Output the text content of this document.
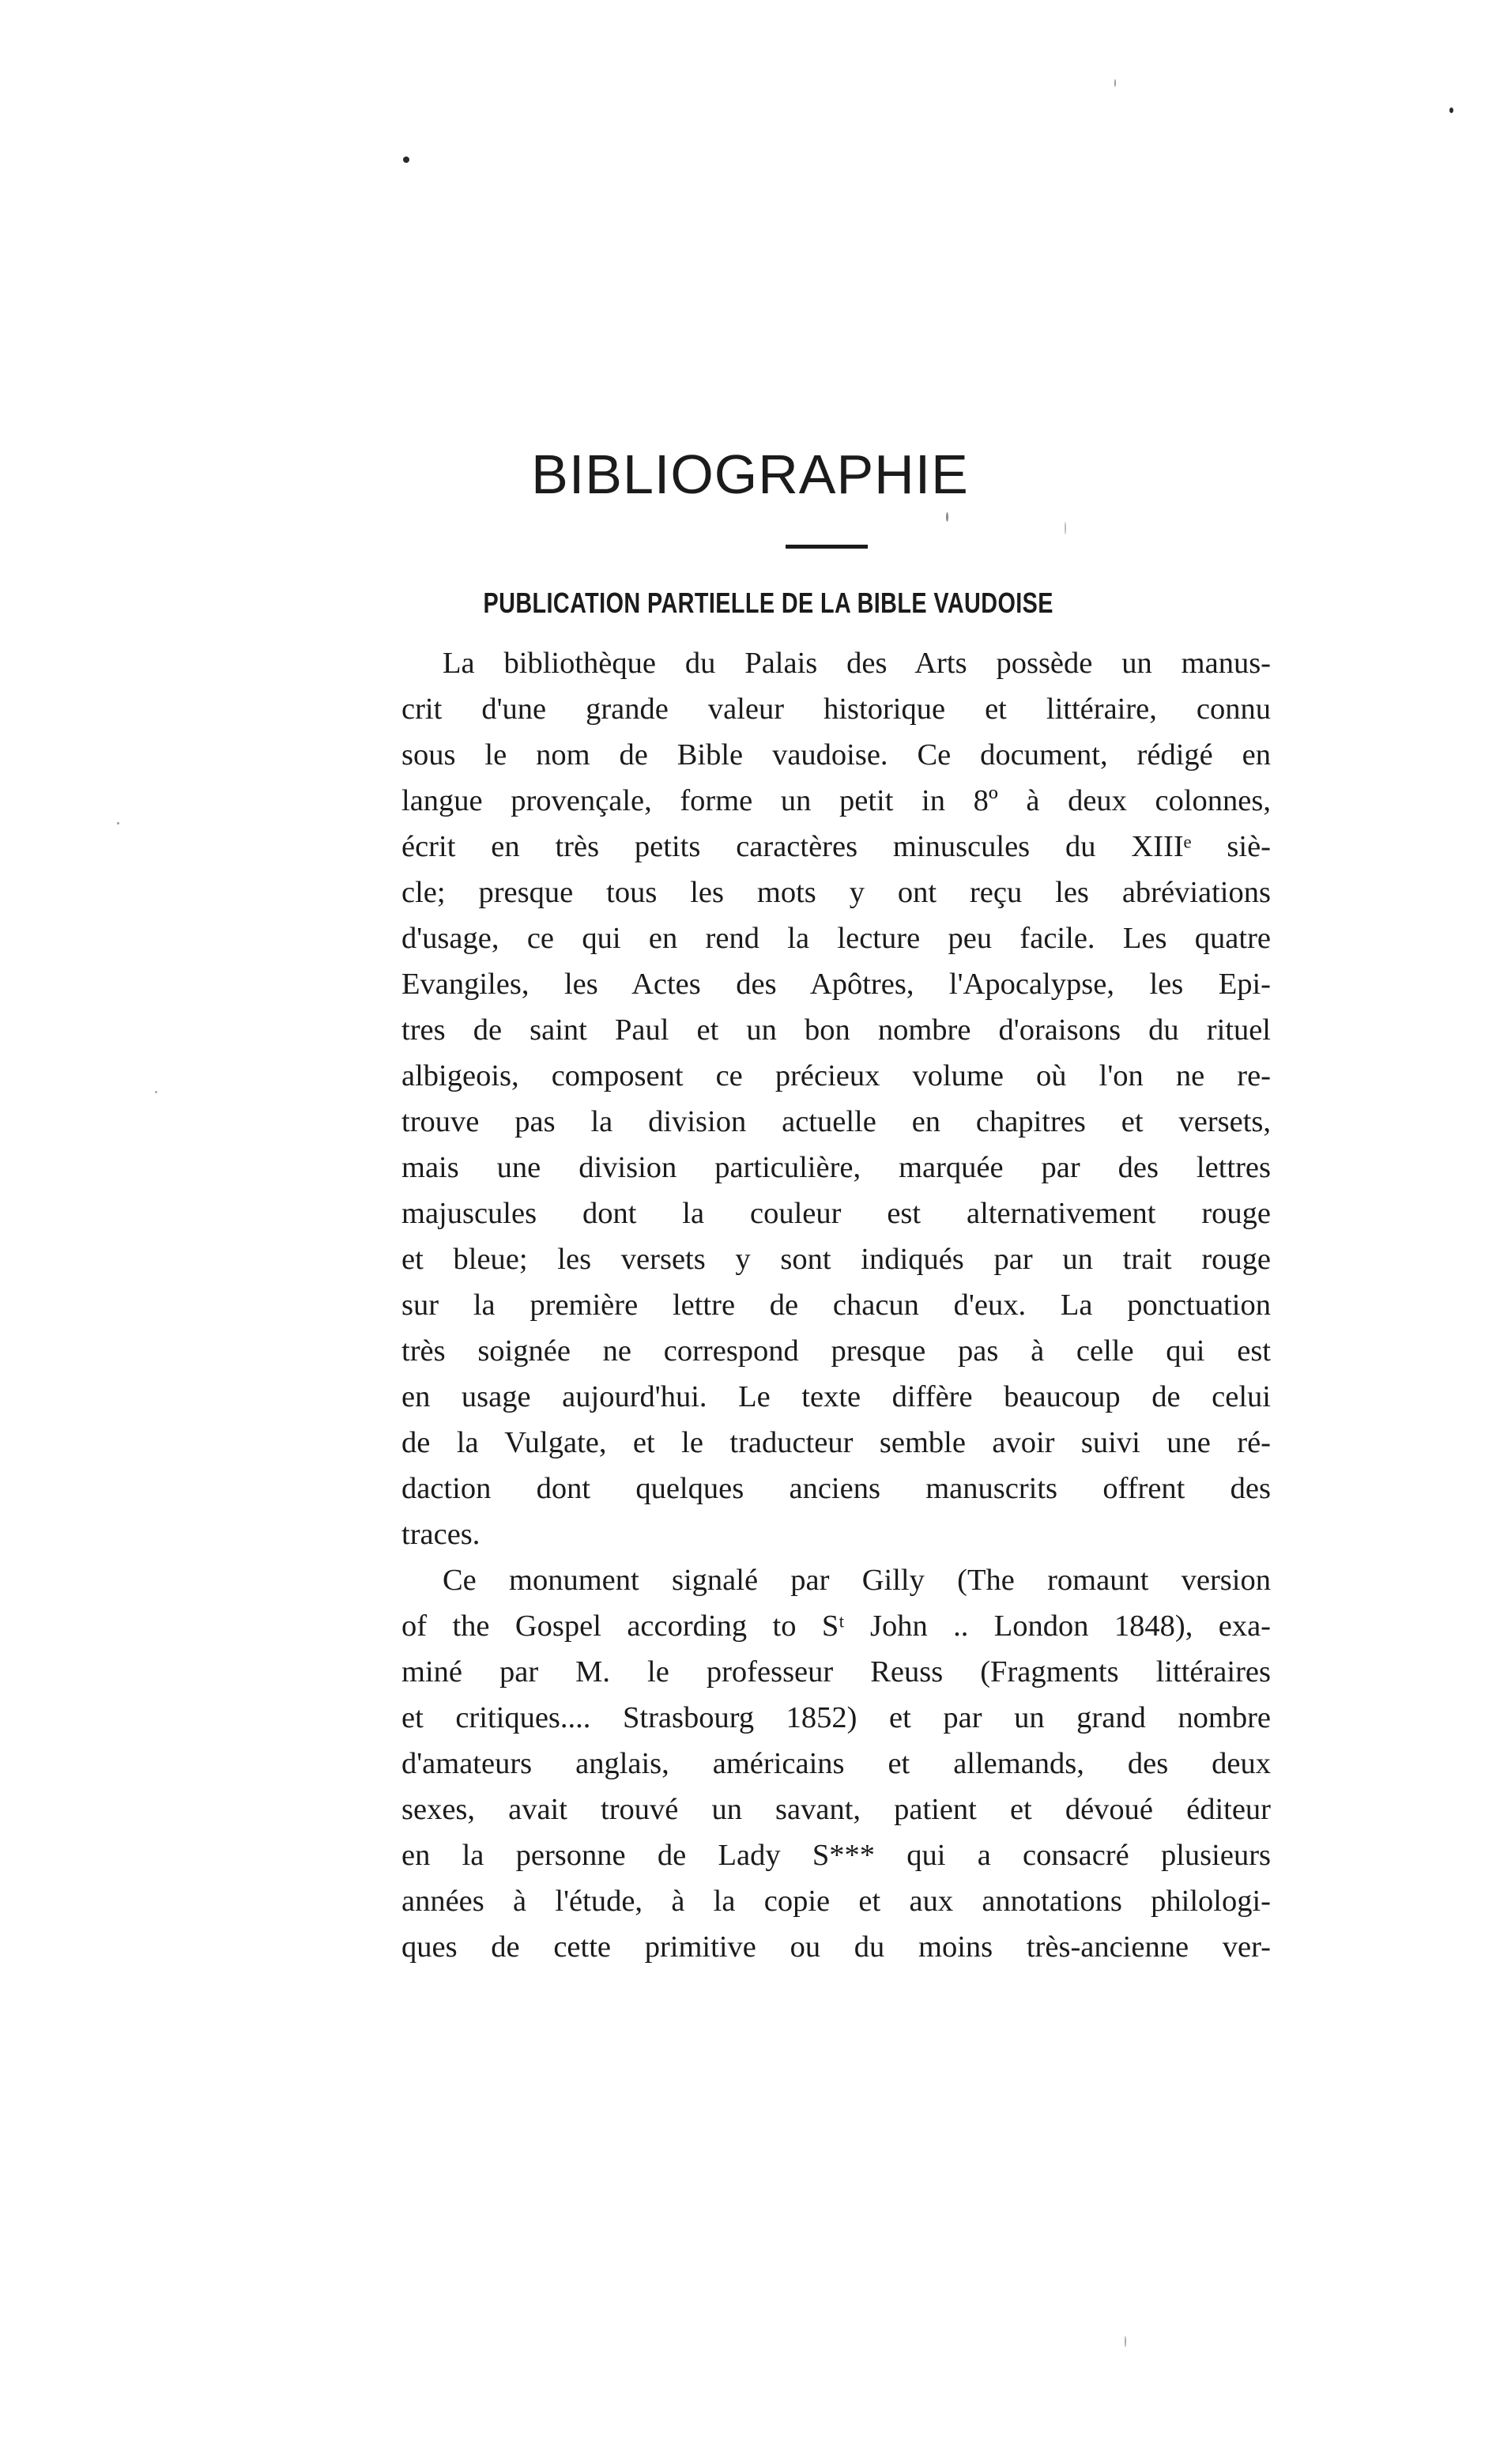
BIBLIOGRAPHIE
PUBLICATION PARTIELLE DE LA BIBLE VAUDOISE
La bibliothèque du Palais des Arts possède un manus-
crit d'une grande valeur historique et littéraire, connu
sous le nom de Bible vaudoise. Ce document, rédigé en
langue provençale, forme un petit in 8º à deux colonnes,
écrit en très petits caractères minuscules du XIIIᵉ siè-
cle; presque tous les mots y ont reçu les abréviations
d'usage, ce qui en rend la lecture peu facile. Les quatre
Evangiles, les Actes des Apôtres, l'Apocalypse, les Epi-
tres de saint Paul et un bon nombre d'oraisons du rituel
albigeois, composent ce précieux volume où l'on ne re-
trouve pas la division actuelle en chapitres et versets,
mais une division particulière, marquée par des lettres
majuscules dont la couleur est alternativement rouge
et bleue; les versets y sont indiqués par un trait rouge
sur la première lettre de chacun d'eux. La ponctuation
très soignée ne correspond presque pas à celle qui est
en usage aujourd'hui. Le texte diffère beaucoup de celui
de la Vulgate, et le traducteur semble avoir suivi une ré-
daction dont quelques anciens manuscrits offrent des
traces.
Ce monument signalé par Gilly (The romaunt version
of the Gospel according to Sᵗ John .. London 1848), exa-
miné par M. le professeur Reuss (Fragments littéraires
et critiques.... Strasbourg 1852) et par un grand nombre
d'amateurs anglais, américains et allemands, des deux
sexes, avait trouvé un savant, patient et dévoué éditeur
en la personne de Lady S*** qui a consacré plusieurs
années à l'étude, à la copie et aux annotations philologi-
ques de cette primitive ou du moins très-ancienne ver-
